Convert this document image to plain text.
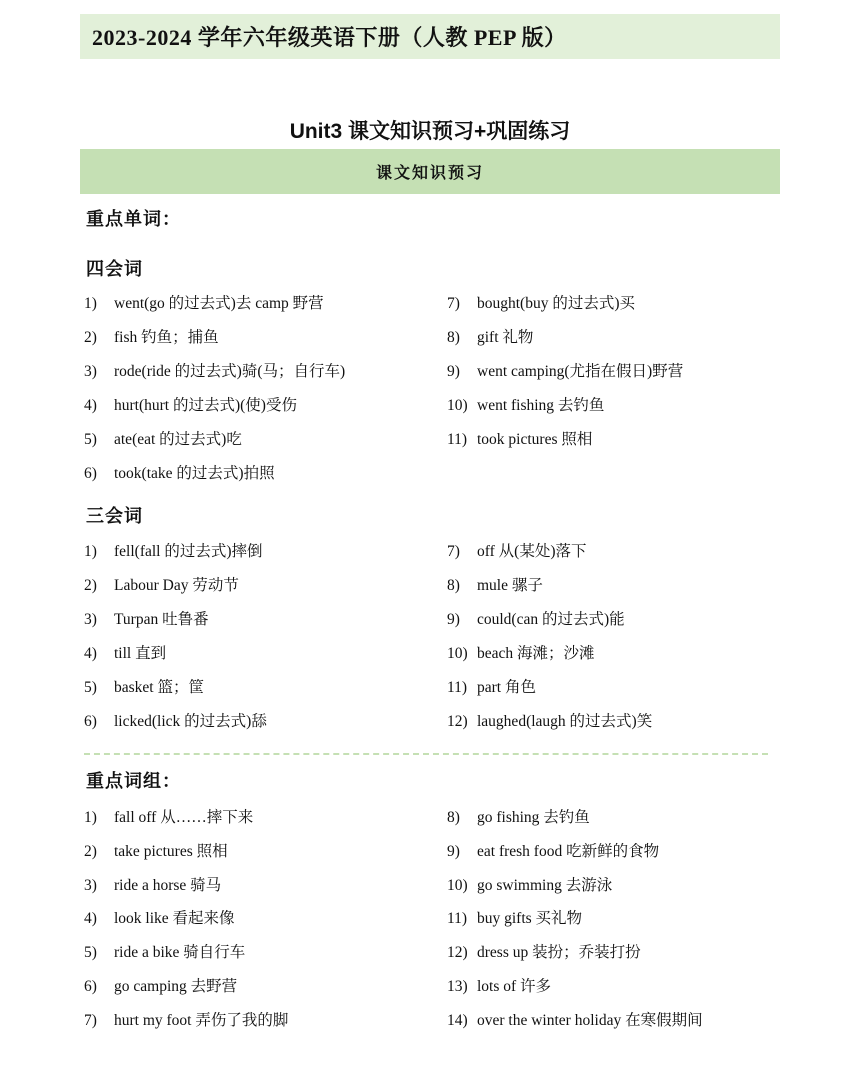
2023-2024 学年六年级英语下册（人教 PEP 版）
Unit3 课文知识预习+巩固练习
课文知识预习
重点单词：
四会词
1) went(go 的过去式)去 camp 野营
2) fish 钓鱼；捕鱼
3) rode(ride 的过去式)骑(马；自行车)
4) hurt(hurt 的过去式)(使)受伤
5) ate(eat 的过去式)吃
6) took(take 的过去式)拍照
7) bought(buy 的过去式)买
8) gift 礼物
9) went camping(尤指在假日)野营
10) went fishing 去钓鱼
11) took pictures 照相
三会词
1) fell(fall 的过去式)摔倒
2) Labour Day 劳动节
3) Turpan 吐鲁番
4) till 直到
5) basket 篮；筐
6) licked(lick 的过去式)舔
7) off 从(某处)落下
8) mule 骡子
9) could(can 的过去式)能
10) beach 海滩；沙滩
11) part 角色
12) laughed(laugh 的过去式)笑
重点词组：
1) fall off 从……摔下来
2) take pictures 照相
3) ride a horse 骑马
4) look like 看起来像
5) ride a bike 骑自行车
6) go camping 去野营
7) hurt my foot 弄伤了我的脚
8) go fishing 去钓鱼
9) eat fresh food 吃新鲜的食物
10) go swimming 去游泳
11) buy gifts 买礼物
12) dress up 装扮；乔装打扮
13) lots of 许多
14) over the winter holiday 在寒假期间
